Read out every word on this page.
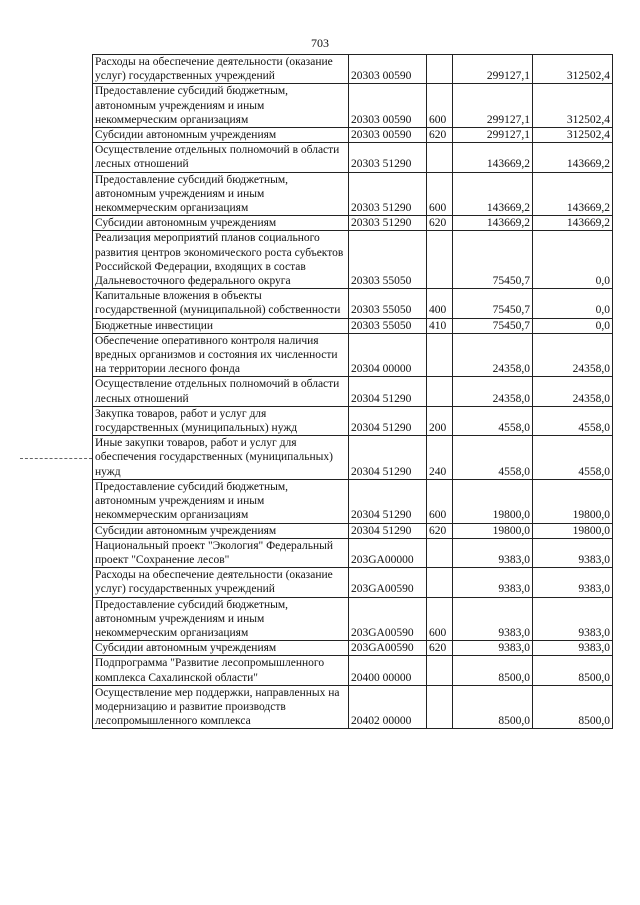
703
Расходы на обеспечение деятельности (оказание услуг) государственных учреждений	20303 00590		299127,1	312502,4
Предоставление субсидий бюджетным, автономным учреждениям и иным некоммерческим организациям	20303 00590	600	299127,1	312502,4
Субсидии автономным учреждениям	20303 00590	620	299127,1	312502,4
Осуществление отдельных полномочий в области лесных отношений	20303 51290		143669,2	143669,2
Предоставление субсидий бюджетным, автономным учреждениям и иным некоммерческим организациям	20303 51290	600	143669,2	143669,2
Субсидии автономным учреждениям	20303 51290	620	143669,2	143669,2
Реализация мероприятий планов социального развития центров экономического роста субъектов Российской Федерации, входящих в состав Дальневосточного федерального округа	20303 55050		75450,7	0,0
Капитальные вложения в объекты государственной (муниципальной) собственности	20303 55050	400	75450,7	0,0
Бюджетные инвестиции	20303 55050	410	75450,7	0,0
Обеспечение оперативного контроля наличия вредных организмов и состояния их численности на территории лесного фонда	20304 00000		24358,0	24358,0
Осуществление отдельных полномочий в области лесных отношений	20304 51290		24358,0	24358,0
Закупка товаров, работ и услуг для государственных (муниципальных) нужд	20304 51290	200	4558,0	4558,0
Иные закупки товаров, работ и услуг для обеспечения государственных (муниципальных) нужд	20304 51290	240	4558,0	4558,0
Предоставление субсидий бюджетным, автономным учреждениям и иным некоммерческим организациям	20304 51290	600	19800,0	19800,0
Субсидии автономным учреждениям	20304 51290	620	19800,0	19800,0
Национальный проект "Экология" Федеральный проект "Сохранение лесов"	203GA00000		9383,0	9383,0
Расходы на обеспечение деятельности (оказание услуг) государственных учреждений	203GA00590		9383,0	9383,0
Предоставление субсидий бюджетным, автономным учреждениям и иным некоммерческим организациям	203GA00590	600	9383,0	9383,0
Субсидии автономным учреждениям	203GA00590	620	9383,0	9383,0
Подпрограмма "Развитие лесопромышленного комплекса Сахалинской области"	20400 00000		8500,0	8500,0
Осуществление мер поддержки, направленных на модернизацию и развитие производств лесопромышленного комплекса	20402 00000		8500,0	8500,0
